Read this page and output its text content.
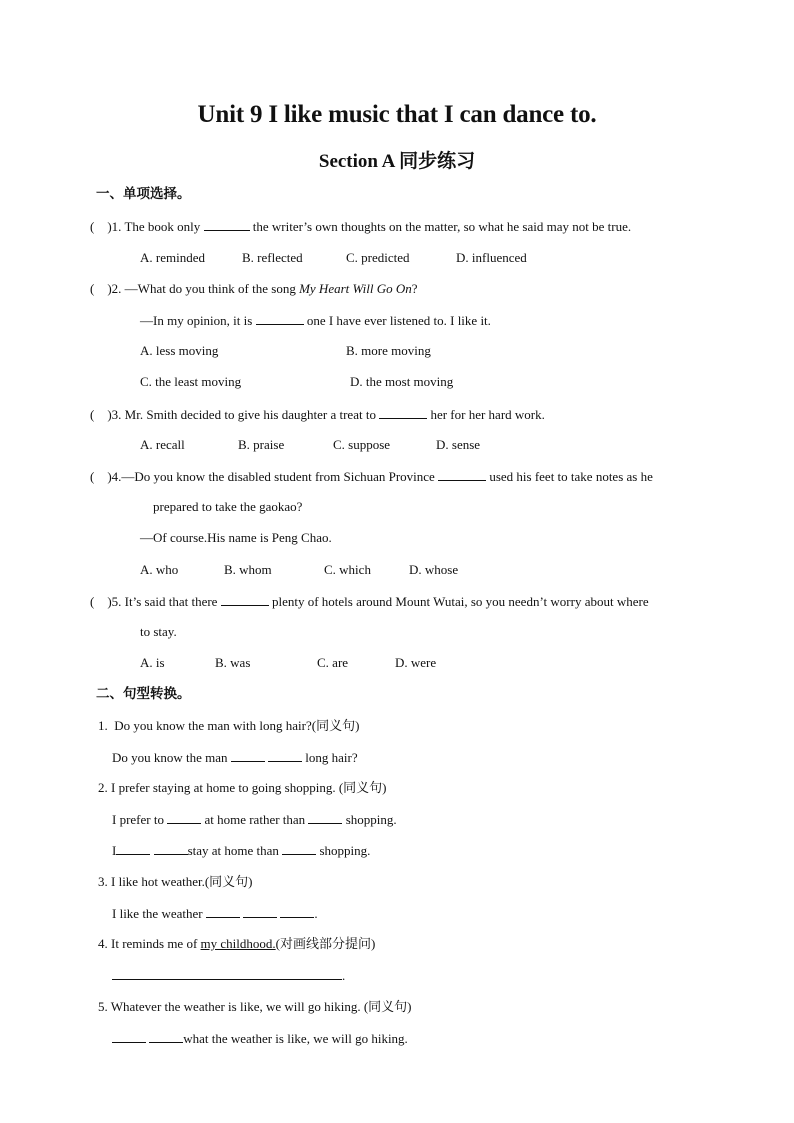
Unit 9 I like music that I can dance to.
Section A 同步练习
一、单项选择。
(    )1. The book only	the writer’s own thoughts on the matter, so what he said may not be true.
A. reminded	B. reflected	C. predicted	D. influenced
(    )2. —What do you think of the song My Heart Will Go On?
—In my opinion, it is	one I have ever listened to. I like it.
A. less moving	B. more moving
C. the least moving	D. the most moving
(    )3. Mr. Smith decided to give his daughter a treat to	her for her hard work.
A. recall	B. praise	C. suppose	D. sense
(    )4.—Do you know the disabled student from Sichuan Province	used his feet to take notes as he
prepared to take the gaokao?
—Of course.His name is Peng Chao.
A. who	B. whom	C. which	D. whose
(    )5. It’s said that there	plenty of hotels around Mount Wutai, so you needn’t worry about where
to stay.
A. is	B. was	C. are	D. were
二、句型转换。
1.  Do you know the man with long hair?(同义句)
Do you know the man	long hair?
2. I prefer staying at home to going shopping. (同义句)
I prefer to	at home rather than	shopping.
I	stay at home than	shopping.
3. I like hot weather.(同义句)
I like the weather	.
4. It reminds me of my childhood.(对画线部分提问)
.
5. Whatever the weather is like, we will go hiking. (同义句)
what the weather is like, we will go hiking.
